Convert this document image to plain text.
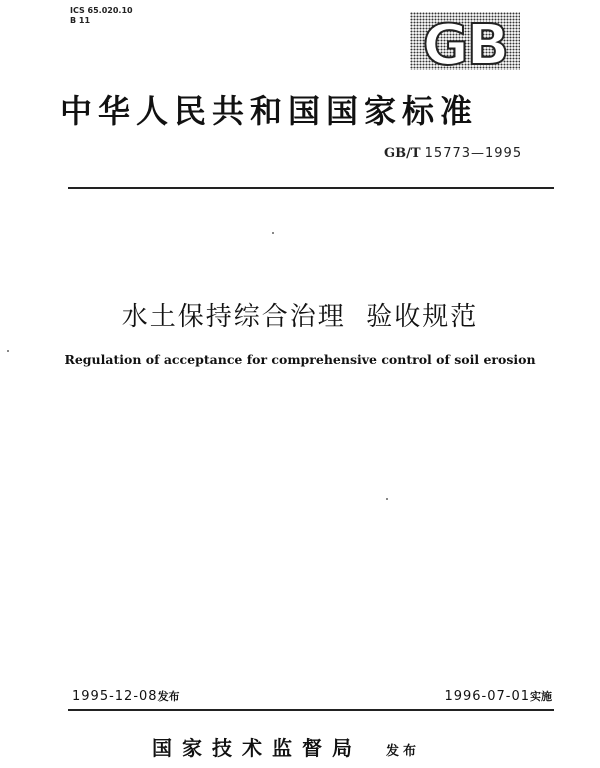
ICS 65.020.10
B 11	GB
中华人民共和国国家标准
GB/T 15773—1995
水土保持综合治理  验收规范
Regulation of acceptance for comprehensive control of soil erosion
1995-12-08发布	1996-07-01实施
国家技术监督局 发布
